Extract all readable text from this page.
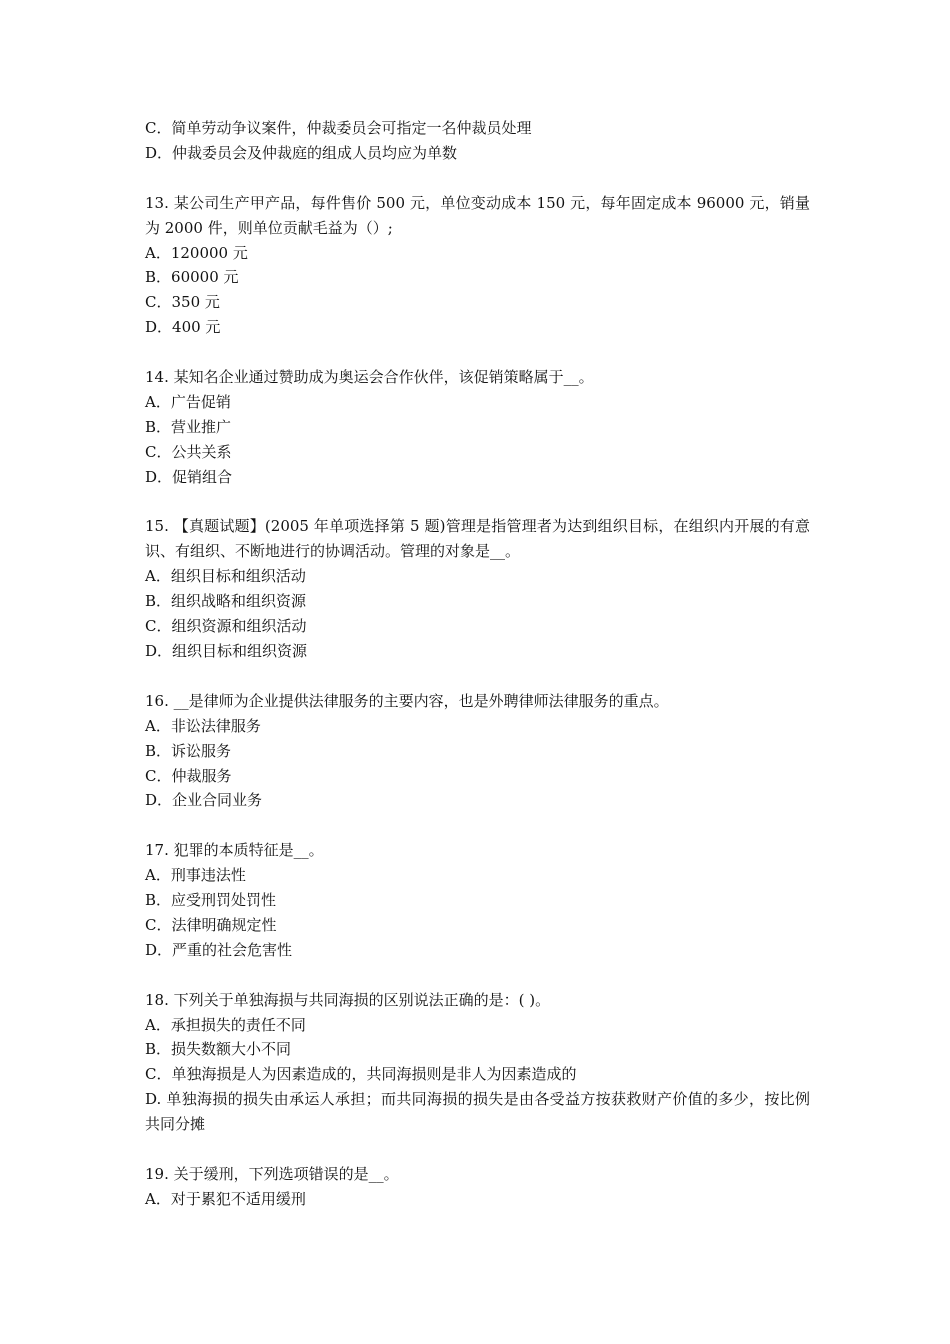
C．简单劳动争议案件，仲裁委员会可指定一名仲裁员处理
D．仲裁委员会及仲裁庭的组成人员均应为单数
13. 某公司生产甲产品，每件售价 500 元，单位变动成本 150 元，每年固定成本 96000 元，销量为 2000 件，则单位贡献毛益为（）;
A．120000 元
B．60000 元
C．350 元
D．400 元
14. 某知名企业通过赞助成为奥运会合作伙伴，该促销策略属于__。
A．广告促销
B．营业推广
C．公共关系
D．促销组合
15. 【真题试题】(2005 年单项选择第 5 题)管理是指管理者为达到组织目标，在组织内开展的有意识、有组织、不断地进行的协调活动。管理的对象是__。
A．组织目标和组织活动
B．组织战略和组织资源
C．组织资源和组织活动
D．组织目标和组织资源
16. __是律师为企业提供法律服务的主要内容，也是外聘律师法律服务的重点。
A．非讼法律服务
B．诉讼服务
C．仲裁服务
D．企业合同业务
17. 犯罪的本质特征是__。
A．刑事违法性
B．应受刑罚处罚性
C．法律明确规定性
D．严重的社会危害性
18. 下列关于单独海损与共同海损的区别说法正确的是：( )。
A．承担损失的责任不同
B．损失数额大小不同
C．单独海损是人为因素造成的，共同海损则是非人为因素造成的
D. 单独海损的损失由承运人承担；而共同海损的损失是由各受益方按获救财产价值的多少，按比例共同分摊
19. 关于缓刑，下列选项错误的是__。
A．对于累犯不适用缓刑
